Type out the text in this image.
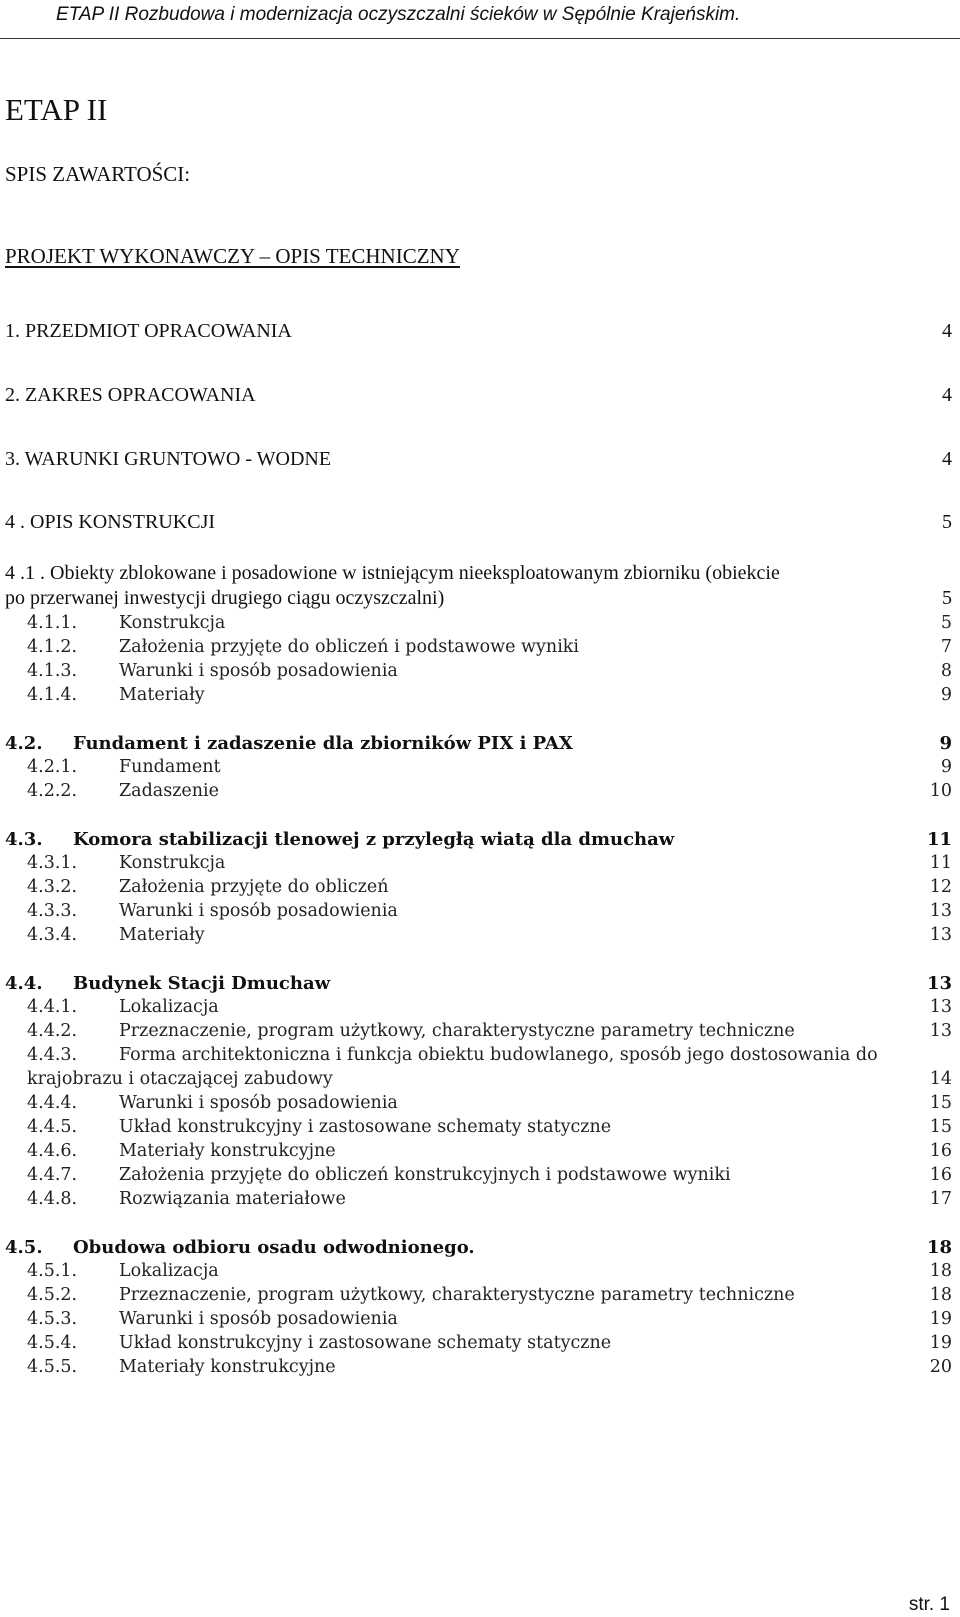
ETAP II Rozbudowa i modernizacja oczyszczalni ścieków w Sępólnie Krajeńskim.
ETAP II
SPIS ZAWARTOŚCI:
PROJEKT WYKONAWCZY – OPIS TECHNICZNY
1. PRZEDMIOT OPRACOWANIA	4
2. ZAKRES OPRACOWANIA	4
3. WARUNKI GRUNTOWO - WODNE	4
4 . OPIS KONSTRUKCJI	5
4 .1 . Obiekty zblokowane i posadowione w istniejącym nieeksploatowanym zbiorniku (obiekcie
po przerwanej inwestycji drugiego ciągu oczyszczalni)	5
4.1.1. Konstrukcja	5
4.1.2. Założenia przyjęte do obliczeń i podstawowe wyniki	7
4.1.3. Warunki i sposób posadowienia	8
4.1.4. Materiały	9
4.2. Fundament i zadaszenie dla zbiorników PIX i PAX	9
4.2.1. Fundament	9
4.2.2. Zadaszenie	10
4.3. Komora stabilizacji tlenowej z przyległą wiatą dla dmuchaw	11
4.3.1. Konstrukcja	11
4.3.2. Założenia przyjęte do obliczeń	12
4.3.3. Warunki i sposób posadowienia	13
4.3.4. Materiały	13
4.4. Budynek Stacji Dmuchaw	13
4.4.1. Lokalizacja	13
4.4.2. Przeznaczenie, program użytkowy, charakterystyczne parametry techniczne	13
4.4.3. Forma architektoniczna i funkcja obiektu budowlanego, sposób jego dostosowania do
krajobrazu i otaczającej zabudowy	14
4.4.4. Warunki i sposób posadowienia	15
4.4.5. Układ konstrukcyjny i zastosowane schematy statyczne	15
4.4.6. Materiały konstrukcyjne	16
4.4.7. Założenia przyjęte do obliczeń konstrukcyjnych i podstawowe wyniki	16
4.4.8. Rozwiązania materiałowe	17
4.5. Obudowa odbioru osadu odwodnionego.	18
4.5.1. Lokalizacja	18
4.5.2. Przeznaczenie, program użytkowy, charakterystyczne parametry techniczne	18
4.5.3. Warunki i sposób posadowienia	19
4.5.4. Układ konstrukcyjny i zastosowane schematy statyczne	19
4.5.5. Materiały konstrukcyjne	20
str. 1
